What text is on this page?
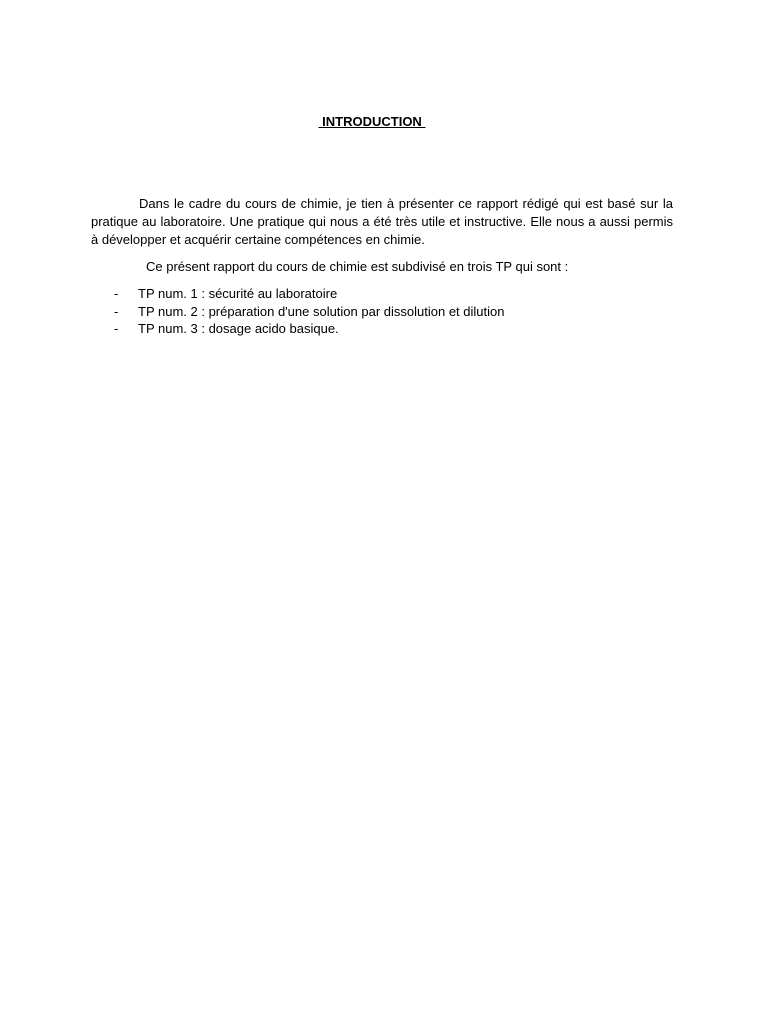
INTRODUCTION

Dans le cadre du cours de chimie, je tien à présenter ce rapport rédigé qui est basé sur la pratique au laboratoire. Une pratique qui nous a été très utile et instructive. Elle nous a aussi permis à développer et acquérir certaine compétences en chimie.

Ce présent rapport du cours de chimie est subdivisé en trois TP qui sont :

- TP num. 1 : sécurité au laboratoire
- TP num. 2 : préparation d'une solution par dissolution et dilution
- TP num. 3 : dosage acido basique.
